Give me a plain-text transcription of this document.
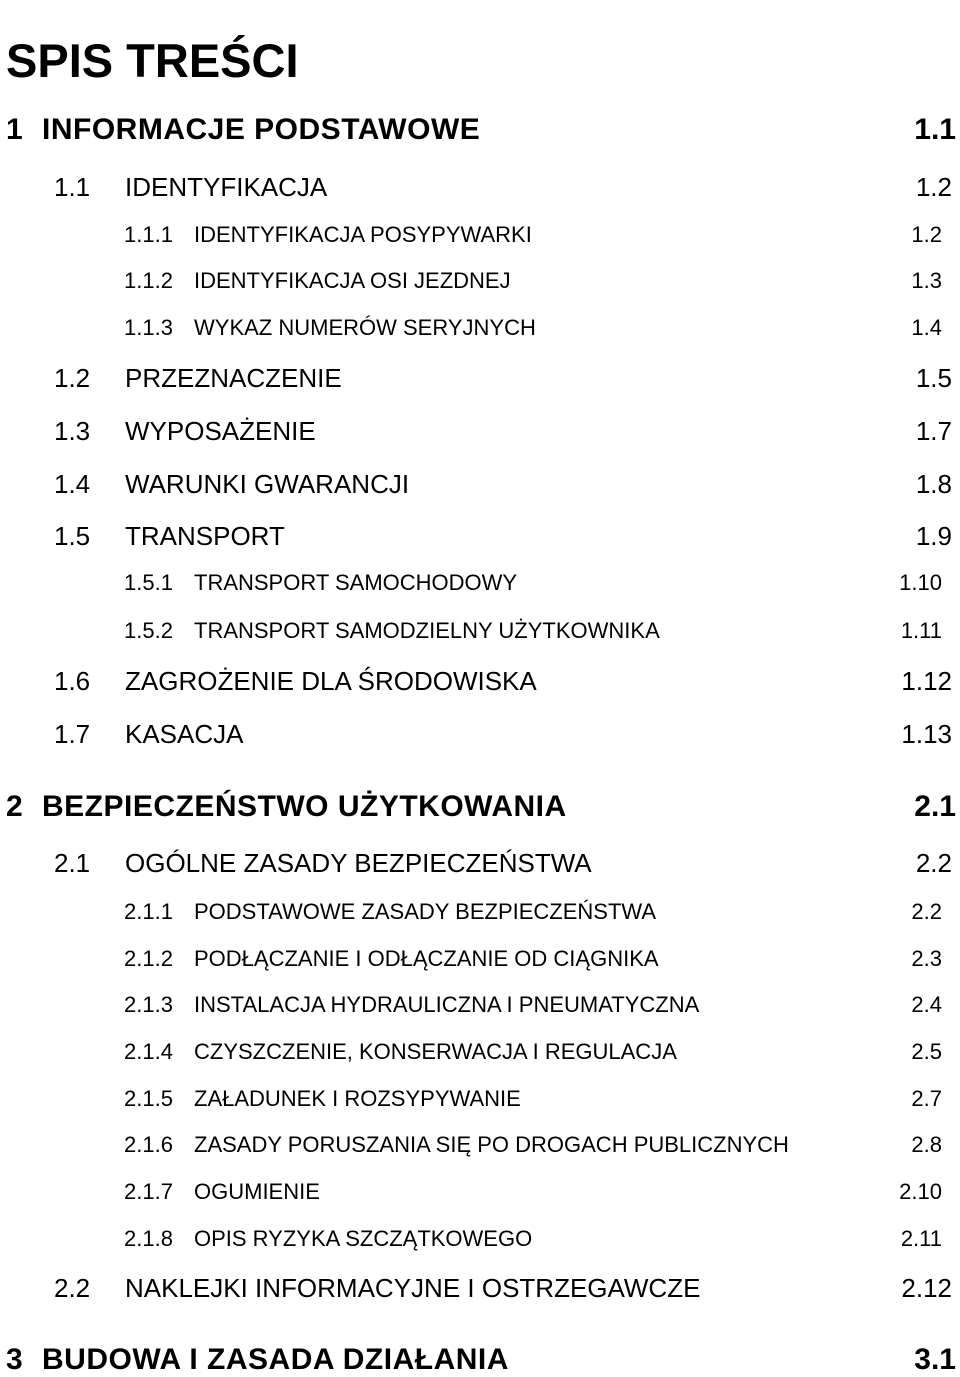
SPIS TREŚCI
1 INFORMACJE PODSTAWOWE	1.1
1.1 IDENTYFIKACJA	1.2
1.1.1 IDENTYFIKACJA POSYPYWARKI	1.2
1.1.2 IDENTYFIKACJA OSI JEZDNEJ	1.3
1.1.3 WYKAZ NUMERÓW SERYJNYCH	1.4
1.2 PRZEZNACZENIE	1.5
1.3 WYPOSAŻENIE	1.7
1.4 WARUNKI GWARANCJI	1.8
1.5 TRANSPORT	1.9
1.5.1 TRANSPORT SAMOCHODOWY	1.10
1.5.2 TRANSPORT SAMODZIELNY UŻYTKOWNIKA	1.11
1.6 ZAGROŻENIE DLA ŚRODOWISKA	1.12
1.7 KASACJA	1.13
2 BEZPIECZEŃSTWO UŻYTKOWANIA	2.1
2.1 OGÓLNE ZASADY BEZPIECZEŃSTWA	2.2
2.1.1 PODSTAWOWE ZASADY BEZPIECZEŃSTWA	2.2
2.1.2 PODŁĄCZANIE I ODŁĄCZANIE OD CIĄGNIKA	2.3
2.1.3 INSTALACJA HYDRAULICZNA I PNEUMATYCZNA	2.4
2.1.4 CZYSZCZENIE, KONSERWACJA I REGULACJA	2.5
2.1.5 ZAŁADUNEK I ROZSYPYWANIE	2.7
2.1.6 ZASADY PORUSZANIA SIĘ PO DROGACH PUBLICZNYCH	2.8
2.1.7 OGUMIENIE	2.10
2.1.8 OPIS RYZYKA SZCZĄTKOWEGO	2.11
2.2 NAKLEJKI INFORMACYJNE I OSTRZEGAWCZE	2.12
3 BUDOWA I ZASADA DZIAŁANIA	3.1
